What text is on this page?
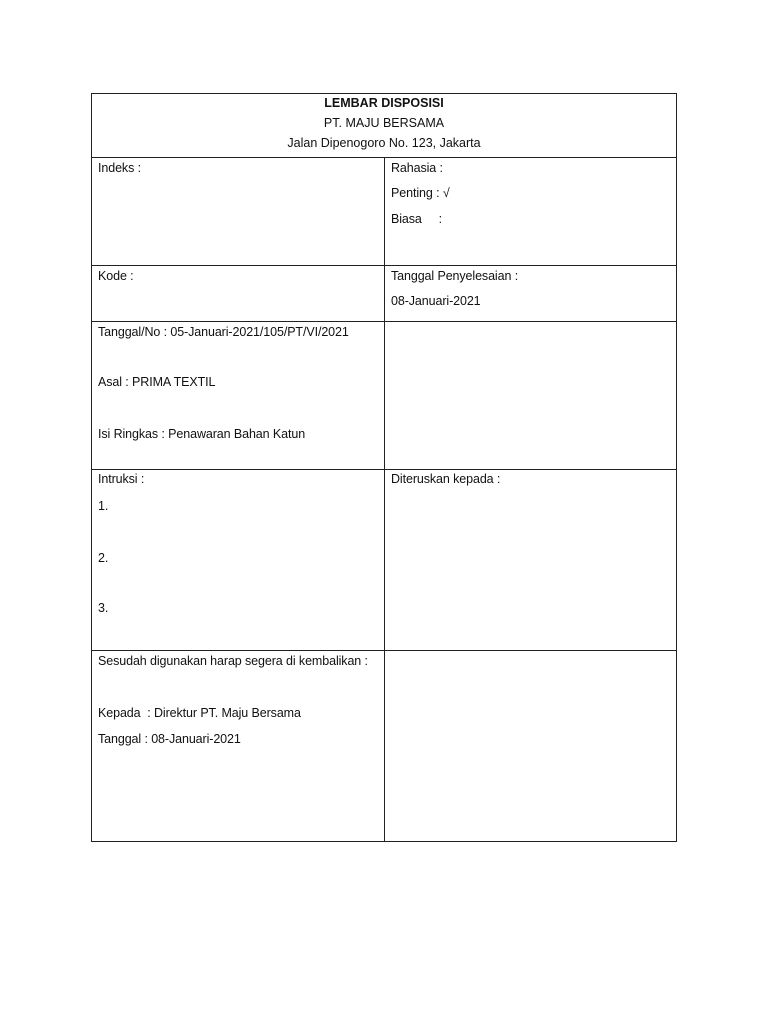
LEMBAR DISPOSISI
PT. MAJU BERSAMA
Jalan Dipenogoro No. 123, Jakarta
Indeks :	Rahasia :
Penting : √
Biasa     :
Kode :	Tanggal Penyelesaian :
08-Januari-2021
Tanggal/No : 05-Januari-2021/105/PT/VI/2021
Asal : PRIMA TEXTIL
Isi Ringkas : Penawaran Bahan Katun
Intruksi :
1.
2.
3.
Diteruskan kepada :
Sesudah digunakan harap segera di kembalikan :
Kepada  : Direktur PT. Maju Bersama
Tanggal : 08-Januari-2021
